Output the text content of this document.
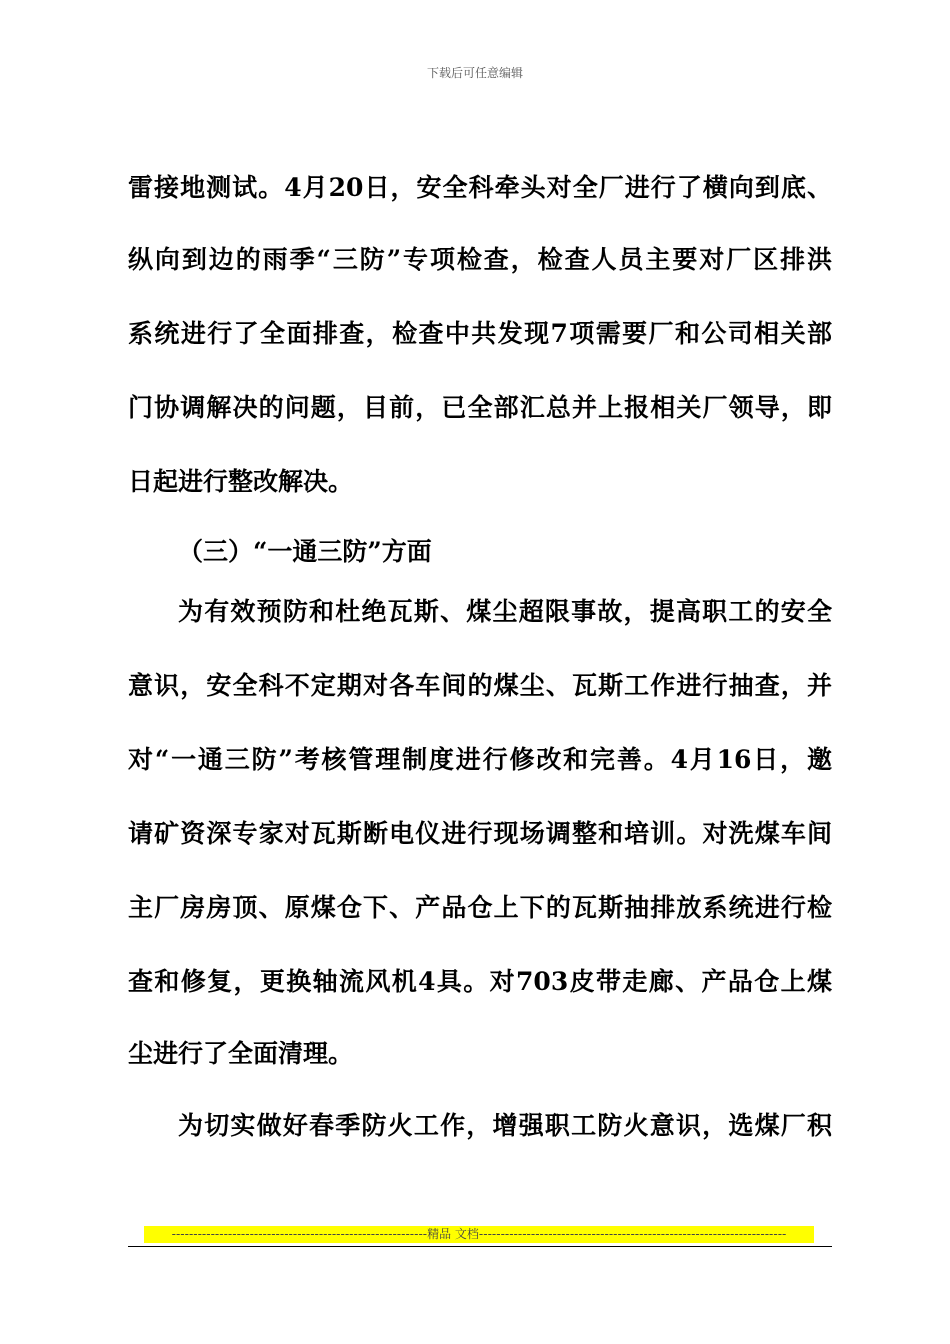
下载后可任意编辑
雷接地测试。4月20日，安全科牵头对全厂进行了横向到底、
纵向到边的雨季“三防”专项检查，检查人员主要对厂区排洪
系统进行了全面排查，检查中共发现7项需要厂和公司相关部
门协调解决的问题，目前，已全部汇总并上报相关厂领导，即
日起进行整改解决。
（三）“一通三防”方面
为有效预防和杜绝瓦斯、煤尘超限事故，提高职工的安全
意识，安全科不定期对各车间的煤尘、瓦斯工作进行抽查，并
对“一通三防”考核管理制度进行修改和完善。4月16日，邀
请矿资深专家对瓦斯断电仪进行现场调整和培训。对洗煤车间
主厂房房顶、原煤仓下、产品仓上下的瓦斯抽排放系统进行检
查和修复，更换轴流风机4具。对703皮带走廊、产品仓上煤
尘进行了全面清理。
为切实做好春季防火工作，增强职工防火意识，选煤厂积
-----------------------------------------------------------精品 文档-----------------------------------------------------------------------
